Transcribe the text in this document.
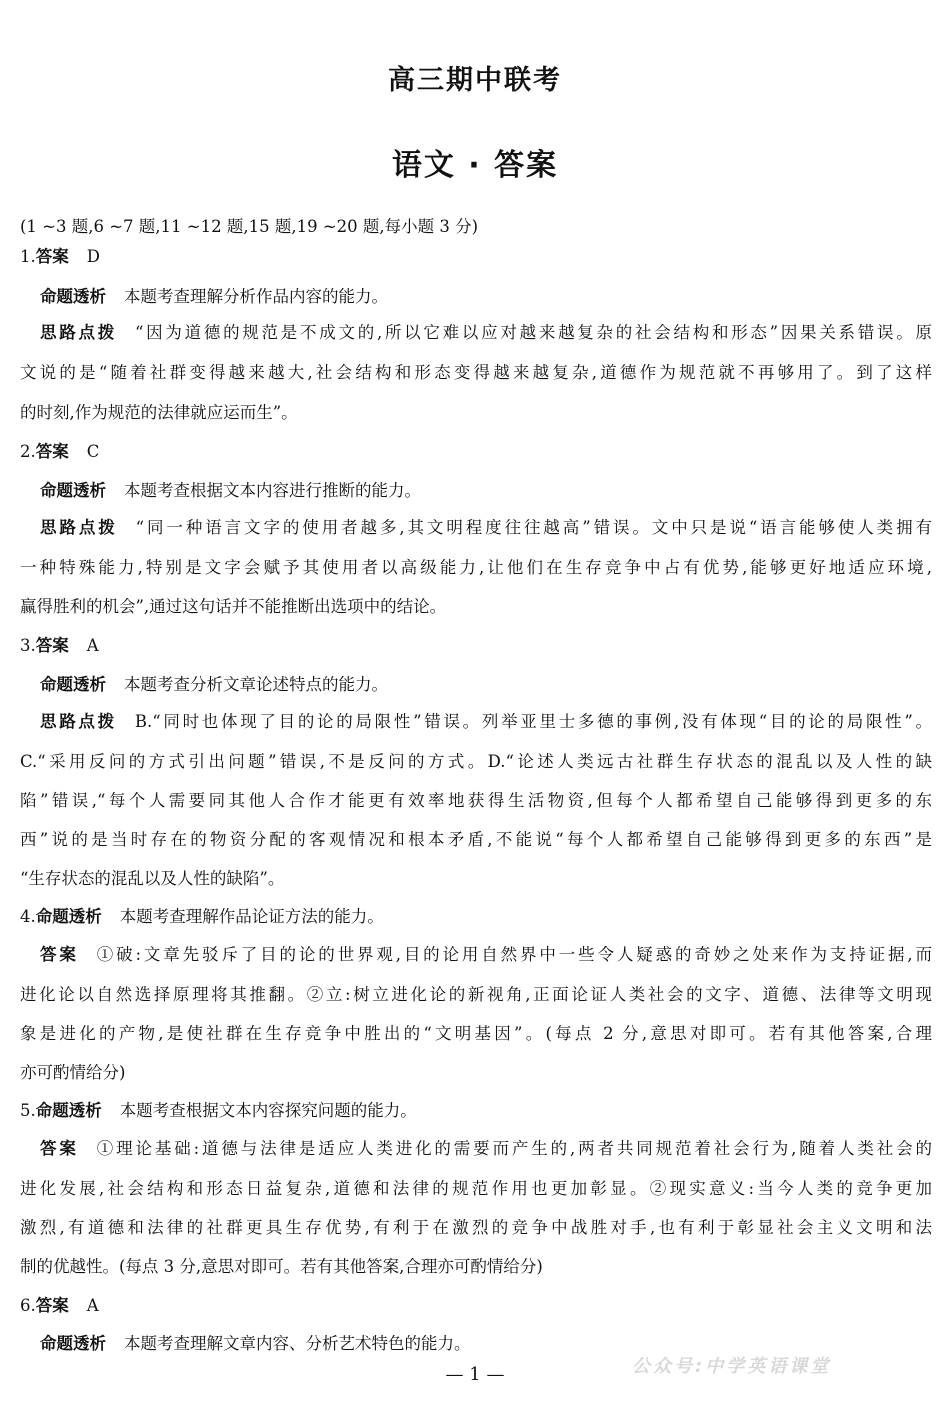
高三期中联考
语文 · 答案
(1 ~3 题,6 ~7 题,11 ~12 题,15 题,19 ~20 题,每小题 3 分)
1.答案 D
命题透析 本题考查理解分析作品内容的能力。
思路点拨 “因为道德的规范是不成文的,所以它难以应对越来越复杂的社会结构和形态”因果关系错误。原
文说的是“随着社群变得越来越大,社会结构和形态变得越来越复杂,道德作为规范就不再够用了。到了这样
的时刻,作为规范的法律就应运而生”。
2.答案 C
命题透析 本题考查根据文本内容进行推断的能力。
思路点拨 “同一种语言文字的使用者越多,其文明程度往往越高”错误。文中只是说“语言能够使人类拥有
一种特殊能力,特别是文字会赋予其使用者以高级能力,让他们在生存竞争中占有优势,能够更好地适应环境,
赢得胜利的机会”,通过这句话并不能推断出选项中的结论。
3.答案 A
命题透析 本题考查分析文章论述特点的能力。
思路点拨 B.“同时也体现了目的论的局限性”错误。列举亚里士多德的事例,没有体现“目的论的局限性”。
C.“采用反问的方式引出问题”错误,不是反问的方式。D.“论述人类远古社群生存状态的混乱以及人性的缺
陷”错误,“每个人需要同其他人合作才能更有效率地获得生活物资,但每个人都希望自己能够得到更多的东
西”说的是当时存在的物资分配的客观情况和根本矛盾,不能说“每个人都希望自己能够得到更多的东西”是
“生存状态的混乱以及人性的缺陷”。
4.命题透析 本题考查理解作品论证方法的能力。
答案 ①破:文章先驳斥了目的论的世界观,目的论用自然界中一些令人疑惑的奇妙之处来作为支持证据,而
进化论以自然选择原理将其推翻。②立:树立进化论的新视角,正面论证人类社会的文字、道德、法律等文明现
象是进化的产物,是使社群在生存竞争中胜出的“文明基因”。(每点 2 分,意思对即可。若有其他答案,合理
亦可酌情给分)
5.命题透析 本题考查根据文本内容探究问题的能力。
答案 ①理论基础:道德与法律是适应人类进化的需要而产生的,两者共同规范着社会行为,随着人类社会的
进化发展,社会结构和形态日益复杂,道德和法律的规范作用也更加彰显。②现实意义:当今人类的竞争更加
激烈,有道德和法律的社群更具生存优势,有利于在激烈的竞争中战胜对手,也有利于彰显社会主义文明和法
制的优越性。(每点 3 分,意思对即可。若有其他答案,合理亦可酌情给分)
6.答案 A
命题透析 本题考查理解文章内容、分析艺术特色的能力。
公众号:中学英语课堂
— 1 —
